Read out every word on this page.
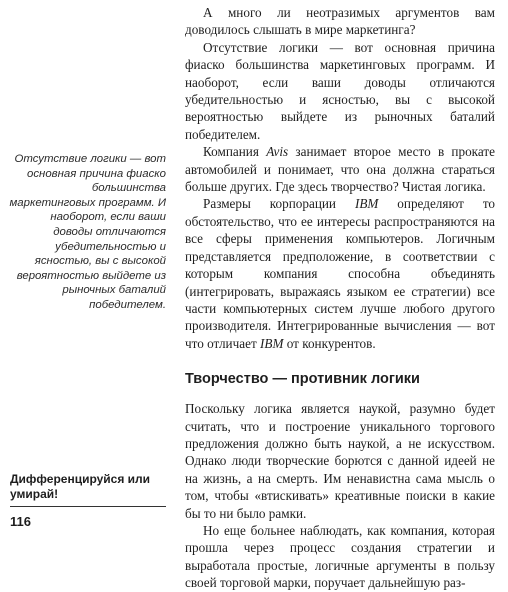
А много ли неотразимых аргументов вам доводилось слышать в мире маркетинга?

Отсутствие логики — вот основная причина фиаско большинства маркетинговых программ. И наоборот, если ваши доводы отличаются убедительностью и ясностью, вы с высокой вероятностью выйдете из рыночных баталий победителем.

Компания Avis занимает второе место в прокате автомобилей и понимает, что она должна стараться больше других. Где здесь творчество? Чистая логика.

Размеры корпорации IBM определяют то обстоятельство, что ее интересы распространяются на все сферы применения компьютеров. Логичным представляется предположение, в соответствии с которым компания способна объединять (интегрировать, выражаясь языком ее стратегии) все части компьютерных систем лучше любого другого производителя. Интегрированные вычисления — вот что отличает IBM от конкурентов.

Творчество — противник логики

Поскольку логика является наукой, разумно будет считать, что и построение уникального торгового предложения должно быть наукой, а не искусством. Однако люди творческие борются с данной идеей не на жизнь, а на смерть. Им ненавистна сама мысль о том, чтобы «втискивать» креативные поиски в какие бы то ни было рамки.

Но еще больнее наблюдать, как компания, которая прошла через процесс создания стратегии и выработала простые, логичные аргументы в пользу своей торговой марки, поручает дальнейшую раз-

Отсутствие логики — вот основная причина фиаско большинства маркетинговых программ. И наоборот, если ваши доводы отличаются убедительностью и ясностью, вы с высокой вероятностью выйдете из рыночных баталий победителем.
Дифференцируйся или умирай!
116
